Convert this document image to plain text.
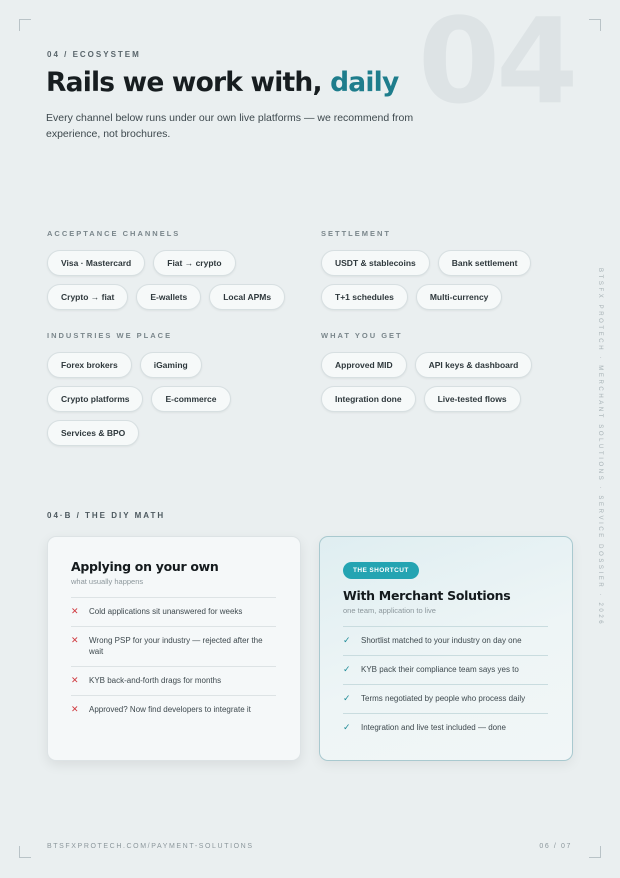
04
04 / ECOSYSTEM
Rails we work with, daily

Every channel below runs under our own live platforms — we recommend from experience, not brochures.

ACCEPTANCE CHANNELS
Visa · Mastercard	Fiat → crypto
Crypto → fiat	E-wallets	Local APMs
SETTLEMENT
USDT & stablecoins	Bank settlement
T+1 schedules	Multi-currency
INDUSTRIES WE PLACE
Forex brokers	iGaming
Crypto platforms	E-commerce
Services & BPO
WHAT YOU GET
Approved MID	API keys & dashboard
Integration done	Live-tested flows	BTSFX PROTECH · MERCHANT SOLUTIONS · SERVICE DOSSIER · 2026
04·B / THE DIY MATH
Applying on your own
what usually happens
✕	Cold applications sit unanswered for weeks
✕	Wrong PSP for your industry — rejected after the wait
✕	KYB back-and-forth drags for months
✕	Approved? Now find developers to integrate it
THE SHORTCUT
With Merchant Solutions
one team, application to live
✓	Shortlist matched to your industry on day one
✓	KYB pack their compliance team says yes to
✓	Terms negotiated by people who process daily
✓	Integration and live test included — done
BTSFXPROTECH.COM/PAYMENT-SOLUTIONS	06 / 07
